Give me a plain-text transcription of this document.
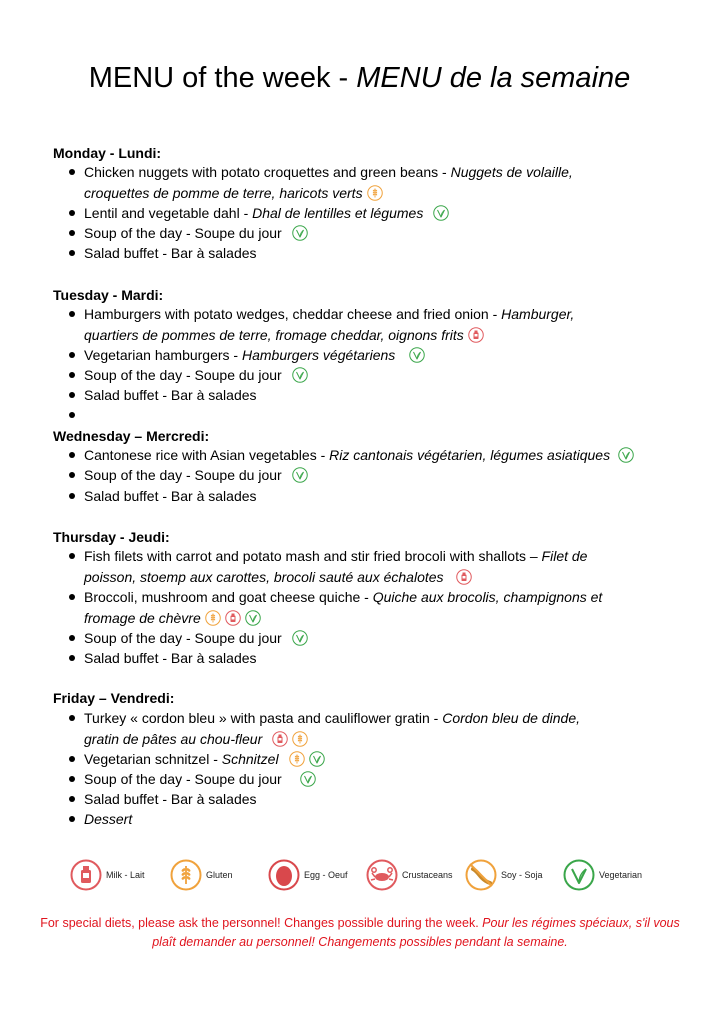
MENU of the week - MENU de la semaine
Monday - Lundi:
Chicken nuggets with potato croquettes and green beans - Nuggets de volaille,
croquettes de pomme de terre, haricots verts
Lentil and vegetable dahl - Dhal de lentilles et légumes
Soup of the day - Soupe du jour
Salad buffet - Bar à salades
Tuesday - Mardi:
Hamburgers with potato wedges, cheddar cheese and fried onion - Hamburger,
quartiers de pommes de terre, fromage cheddar, oignons frits
Vegetarian hamburgers - Hamburgers végétariens
Soup of the day - Soupe du jour
Salad buffet - Bar à salades

Wednesday – Mercredi:
Cantonese rice with Asian vegetables - Riz cantonais végétarien, légumes asiatiques
Soup of the day - Soupe du jour
Salad buffet - Bar à salades
Thursday - Jeudi:
Fish filets with carrot and potato mash and stir fried brocoli with shallots – Filet de
poisson, stoemp aux carottes, brocoli sauté aux échalotes
Broccoli, mushroom and goat cheese quiche - Quiche aux brocolis, champignons et
fromage de chèvre
Soup of the day - Soupe du jour
Salad buffet - Bar à salades
Friday – Vendredi:
Turkey « cordon bleu » with pasta and cauliflower gratin - Cordon bleu de dinde,
gratin de pâtes au chou-fleur
Vegetarian schnitzel - Schnitzel
Soup of the day - Soupe du jour
Salad buffet - Bar à salades
Dessert
Milk - Lait	Gluten	Egg - Oeuf	Crustaceans	Soy - Soja	Vegetarian
For special diets, please ask the personnel! Changes possible during the week. Pour les régimes spéciaux, s'il vous plaît demander au personnel! Changements possibles pendant la semaine.
